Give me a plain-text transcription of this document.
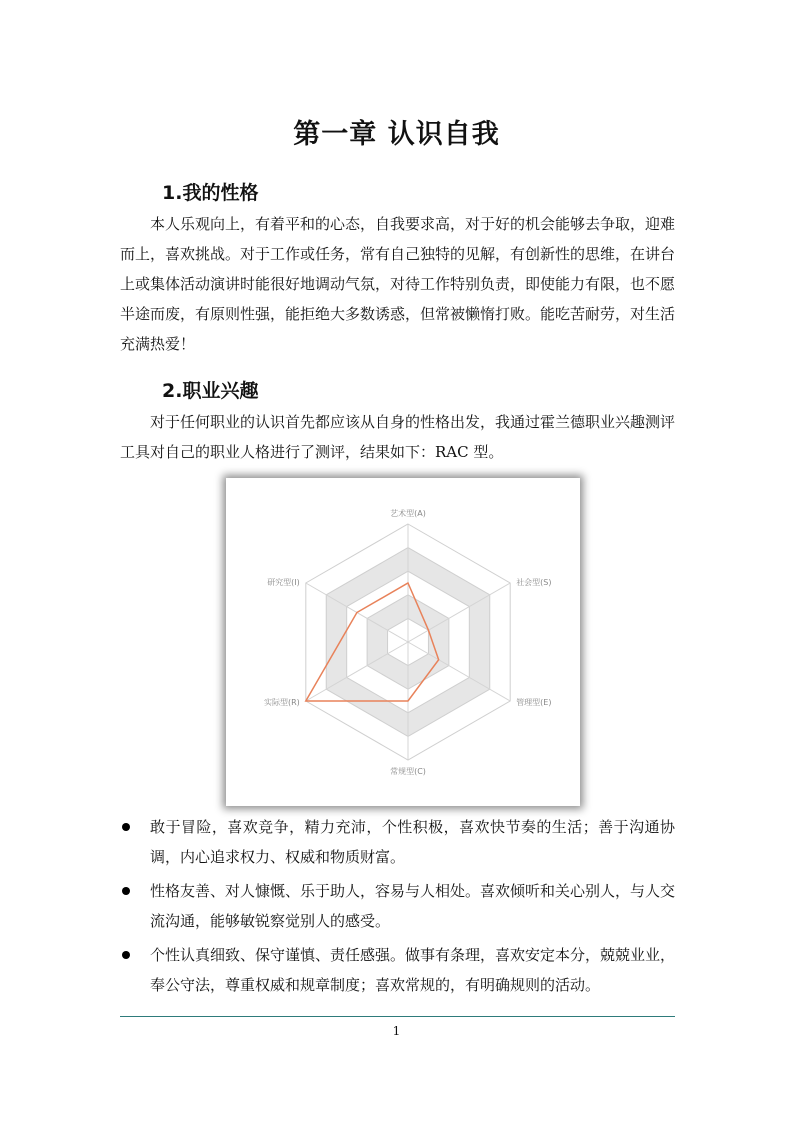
第一章 认识自我
1.我的性格
本人乐观向上，有着平和的心态，自我要求高，对于好的机会能够去争取，迎难而上，喜欢挑战。对于工作或任务，常有自己独特的见解，有创新性的思维，在讲台上或集体活动演讲时能很好地调动气氛，对待工作特别负责，即使能力有限，也不愿半途而废，有原则性强，能拒绝大多数诱惑，但常被懒惰打败。能吃苦耐劳，对生活充满热爱！
2.职业兴趣
对于任何职业的认识首先都应该从自身的性格出发，我通过霍兰德职业兴趣测评工具对自己的职业人格进行了测评，结果如下：RAC 型。
艺术型(A)
社会型(S)
管理型(E)
常规型(C)
实际型(R)
研究型(I)
敢于冒险，喜欢竞争，精力充沛，个性积极，喜欢快节奏的生活；善于沟通协调，内心追求权力、权威和物质财富。
性格友善、对人慷慨、乐于助人，容易与人相处。喜欢倾听和关心别人，与人交流沟通，能够敏锐察觉别人的感受。
个性认真细致、保守谨慎、责任感强。做事有条理，喜欢安定本分，兢兢业业，奉公守法，尊重权威和规章制度；喜欢常规的，有明确规则的活动。
1
